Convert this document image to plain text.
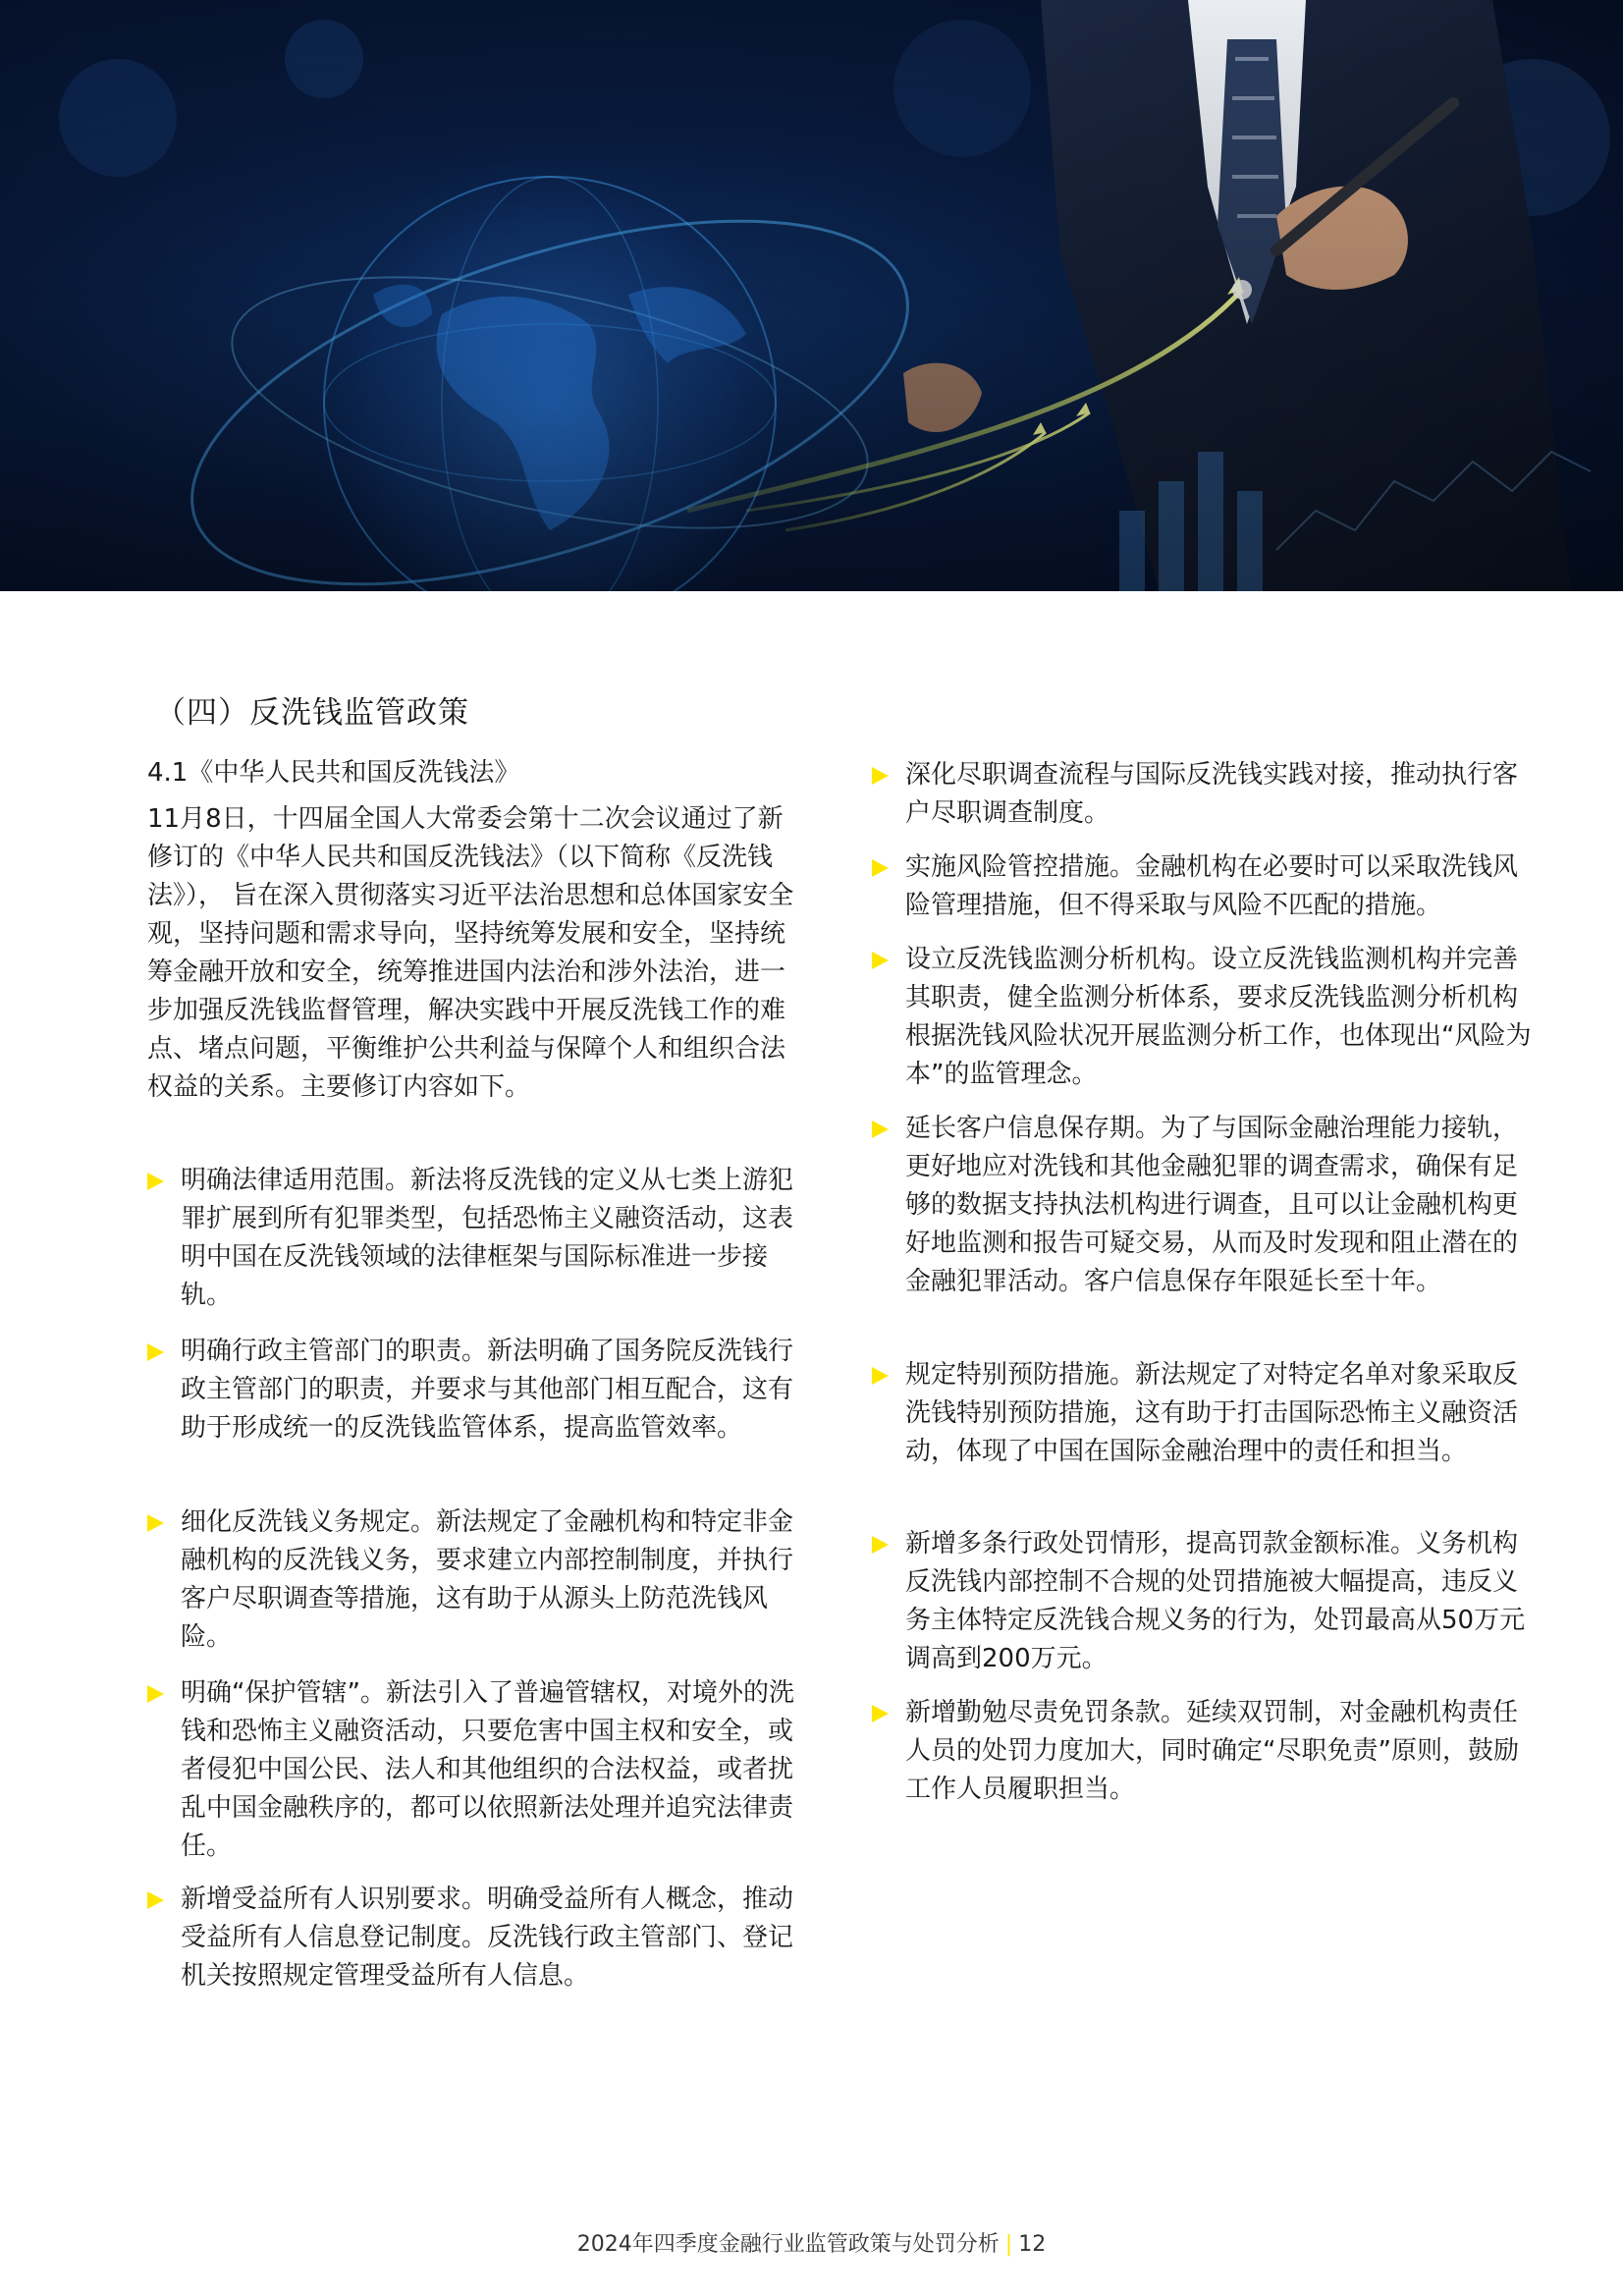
（四）反洗钱监管政策
4.1《中华人民共和国反洗钱法》

11月8日，十四届全国人大常委会第十二次会议通过了新修订的《中华人民共和国反洗钱法》（以下简称《反洗钱法》）， 旨在深入贯彻落实习近平法治思想和总体国家安全观，坚持问题和需求导向，坚持统筹发展和安全，坚持统筹金融开放和安全，统筹推进国内法治和涉外法治，进一步加强反洗钱监督管理，解决实践中开展反洗钱工作的难点、堵点问题，平衡维护公共利益与保障个人和组织合法权益的关系。主要修订内容如下。

明确法律适用范围。新法将反洗钱的定义从七类上游犯罪扩展到所有犯罪类型，包括恐怖主义融资活动，这表明中国在反洗钱领域的法律框架与国际标准进一步接轨。

明确行政主管部门的职责。新法明确了国务院反洗钱行政主管部门的职责，并要求与其他部门相互配合，这有助于形成统一的反洗钱监管体系，提高监管效率。

细化反洗钱义务规定。新法规定了金融机构和特定非金融机构的反洗钱义务，要求建立内部控制制度，并执行客户尽职调查等措施，这有助于从源头上防范洗钱风险。

明确“保护管辖”。新法引入了普遍管辖权，对境外的洗钱和恐怖主义融资活动，只要危害中国主权和安全，或者侵犯中国公民、法人和其他组织的合法权益，或者扰乱中国金融秩序的，都可以依照新法处理并追究法律责任。

新增受益所有人识别要求。明确受益所有人概念，推动受益所有人信息登记制度。反洗钱行政主管部门、登记机关按照规定管理受益所有人信息。

深化尽职调查流程与国际反洗钱实践对接，推动执行客户尽职调查制度。

实施风险管控措施。金融机构在必要时可以采取洗钱风险管理措施，但不得采取与风险不匹配的措施。

设立反洗钱监测分析机构。设立反洗钱监测机构并完善其职责，健全监测分析体系，要求反洗钱监测分析机构根据洗钱风险状况开展监测分析工作，也体现出“风险为本”的监管理念。

延长客户信息保存期。为了与国际金融治理能力接轨，更好地应对洗钱和其他金融犯罪的调查需求，确保有足够的数据支持执法机构进行调查，且可以让金融机构更好地监测和报告可疑交易，从而及时发现和阻止潜在的金融犯罪活动。客户信息保存年限延长至十年。

规定特别预防措施。新法规定了对特定名单对象采取反洗钱特别预防措施，这有助于打击国际恐怖主义融资活动，体现了中国在国际金融治理中的责任和担当。

新增多条行政处罚情形，提高罚款金额标准。义务机构反洗钱内部控制不合规的处罚措施被大幅提高，违反义务主体特定反洗钱合规义务的行为，处罚最高从50万元调高到200万元。

新增勤勉尽责免罚条款。延续双罚制，对金融机构责任人员的处罚力度加大，同时确定“尽职免责”原则，鼓励工作人员履职担当。

2024年四季度金融行业监管政策与处罚分析 | 12
